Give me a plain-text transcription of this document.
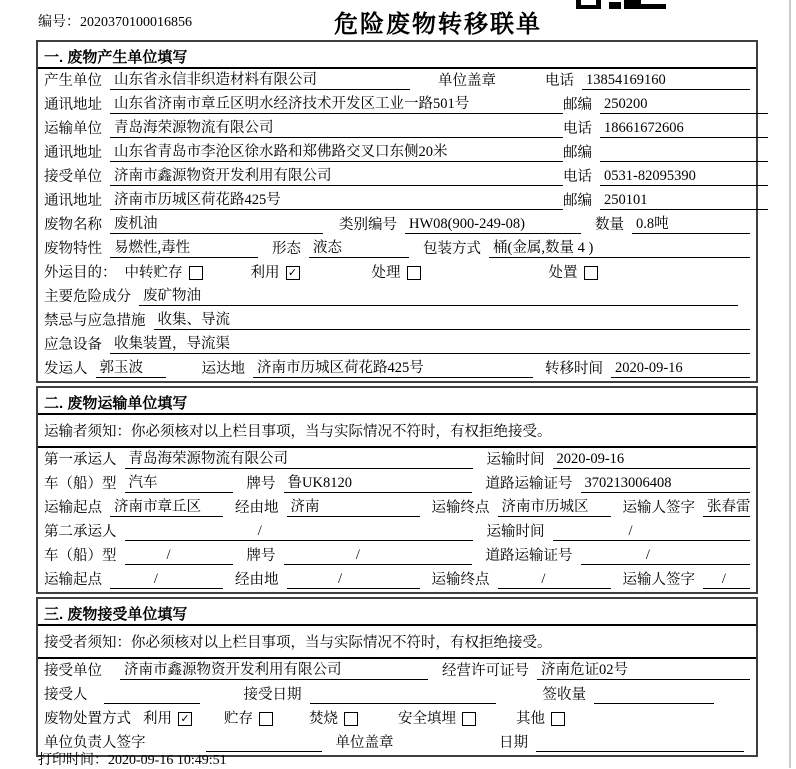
编号：2020370100016856	危险废物转移联单
一. 废物产生单位填写
产生单位 山东省永信非织造材料有限公司	单位盖章	电话 13854169160
通讯地址 山东省济南市章丘区明水经济技术开发区工业一路501号	邮编 250200
运输单位 青岛海荣源物流有限公司	电话 18661672606
通讯地址 山东省青岛市李沧区徐水路和郑佛路交叉口东侧20米	邮编
接受单位 济南市鑫源物资开发利用有限公司	电话 0531-82095390
通讯地址 济南市历城区荷花路425号	邮编 250101
废物名称 废机油	类别编号 HW08(900-249-08)	数量 0.8吨
废物特性 易燃性,毒性	形态 液态	包装方式 桶(金属,数量 4 )
外运目的： 中转贮存	利用 ✓	处理	处置
主要危险成分 废矿物油
禁忌与应急措施 收集、导流
应急设备 收集装置，导流渠
发运人 郭玉波	运达地 济南市历城区荷花路425号	转移时间 2020-09-16
二. 废物运输单位填写
运输者须知：你必须核对以上栏目事项，当与实际情况不符时，有权拒绝接受。
第一承运人 青岛海荣源物流有限公司	运输时间 2020-09-16
车（船）型 汽车	牌号 鲁UK8120	道路运输证号 370213006408
运输起点 济南市章丘区	经由地 济南	运输终点 济南市历城区	运输人签字 张春雷
第二承运人	/	运输时间	/
车（船）型	/	牌号	/	道路运输证号	/
运输起点	/	经由地	/	运输终点	/	运输人签字	/
三. 废物接受单位填写
接受者须知：你必须核对以上栏目事项，当与实际情况不符时，有权拒绝接受。
接受单位 济南市鑫源物资开发利用有限公司	经营许可证号 济南危证02号
接受人	接受日期	签收量
废物处置方式 利用 ✓ 贮存	焚烧	安全填埋	其他
单位负责人签字	单位盖章	日期
打印时间：2020-09-16 10:49:51
